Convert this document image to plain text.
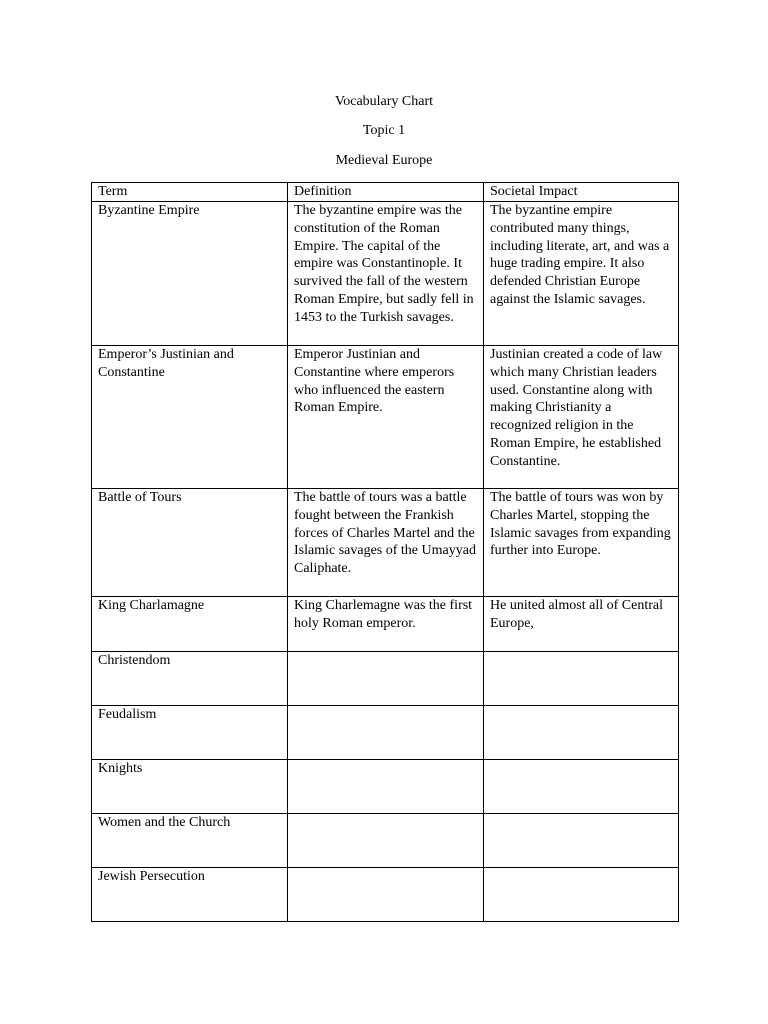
Vocabulary Chart
Topic 1
Medieval Europe
Term	Definition	Societal Impact
Byzantine Empire	The byzantine empire was the constitution of the Roman Empire. The capital of the empire was Constantinople. It survived the fall of the western Roman Empire, but sadly fell in 1453 to the Turkish savages.	The byzantine empire contributed many things, including literate, art, and was a huge trading empire. It also defended Christian Europe against the Islamic savages.
Emperor’s Justinian and Constantine	Emperor Justinian and Constantine where emperors who influenced the eastern Roman Empire.	Justinian created a code of law which many Christian leaders used. Constantine along with making Christianity a recognized religion in the Roman Empire, he established Constantine.
Battle of Tours	The battle of tours was a battle fought between the Frankish forces of Charles Martel and the Islamic savages of the Umayyad Caliphate.	The battle of tours was won by Charles Martel, stopping the Islamic savages from expanding further into Europe.
King Charlamagne	King Charlemagne was the first holy Roman emperor.	He united almost all of Central Europe,
Christendom		
Feudalism		
Knights		
Women and the Church		
Jewish Persecution		
